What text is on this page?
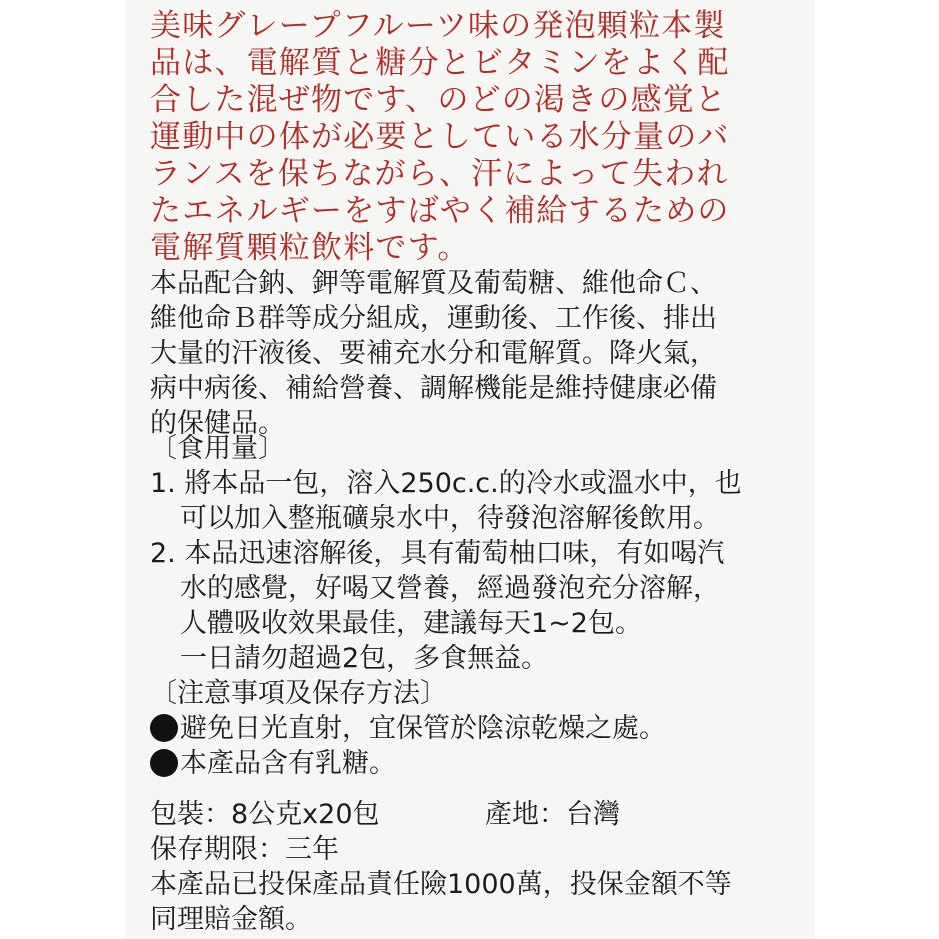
美味グレープフルーツ味の発泡顆粒本製
品は、電解質と糖分とビタミンをよく配
合した混ぜ物です、のどの渇きの感覚と
運動中の体が必要としている水分量のバ
ランスを保ちながら、汗によって失われ
たエネルギーをすばやく補給するための
電解質顆粒飲料です。
本品配合鈉、鉀等電解質及葡萄糖、維他命Ｃ、
維他命Ｂ群等成分組成，運動後、工作後、排出
大量的汗液後、要補充水分和電解質。降火氣，
病中病後、補給營養、調解機能是維持健康必備
的保健品。
〔食用量〕
1. 將本品一包，溶入250c.c.的冷水或溫水中，也
可以加入整瓶礦泉水中，待發泡溶解後飲用。
2. 本品迅速溶解後，具有葡萄柚口味，有如喝汽
水的感覺，好喝又營養，經過發泡充分溶解，
人體吸收效果最佳，建議每天1~2包。
一日請勿超過2包，多食無益。
〔注意事項及保存方法〕
避免日光直射，宜保管於陰涼乾燥之處。
本產品含有乳糖。
包裝：8公克x20包	產地：台灣
保存期限：三年
本產品已投保產品責任險1000萬，投保金額不等
同理賠金額。
